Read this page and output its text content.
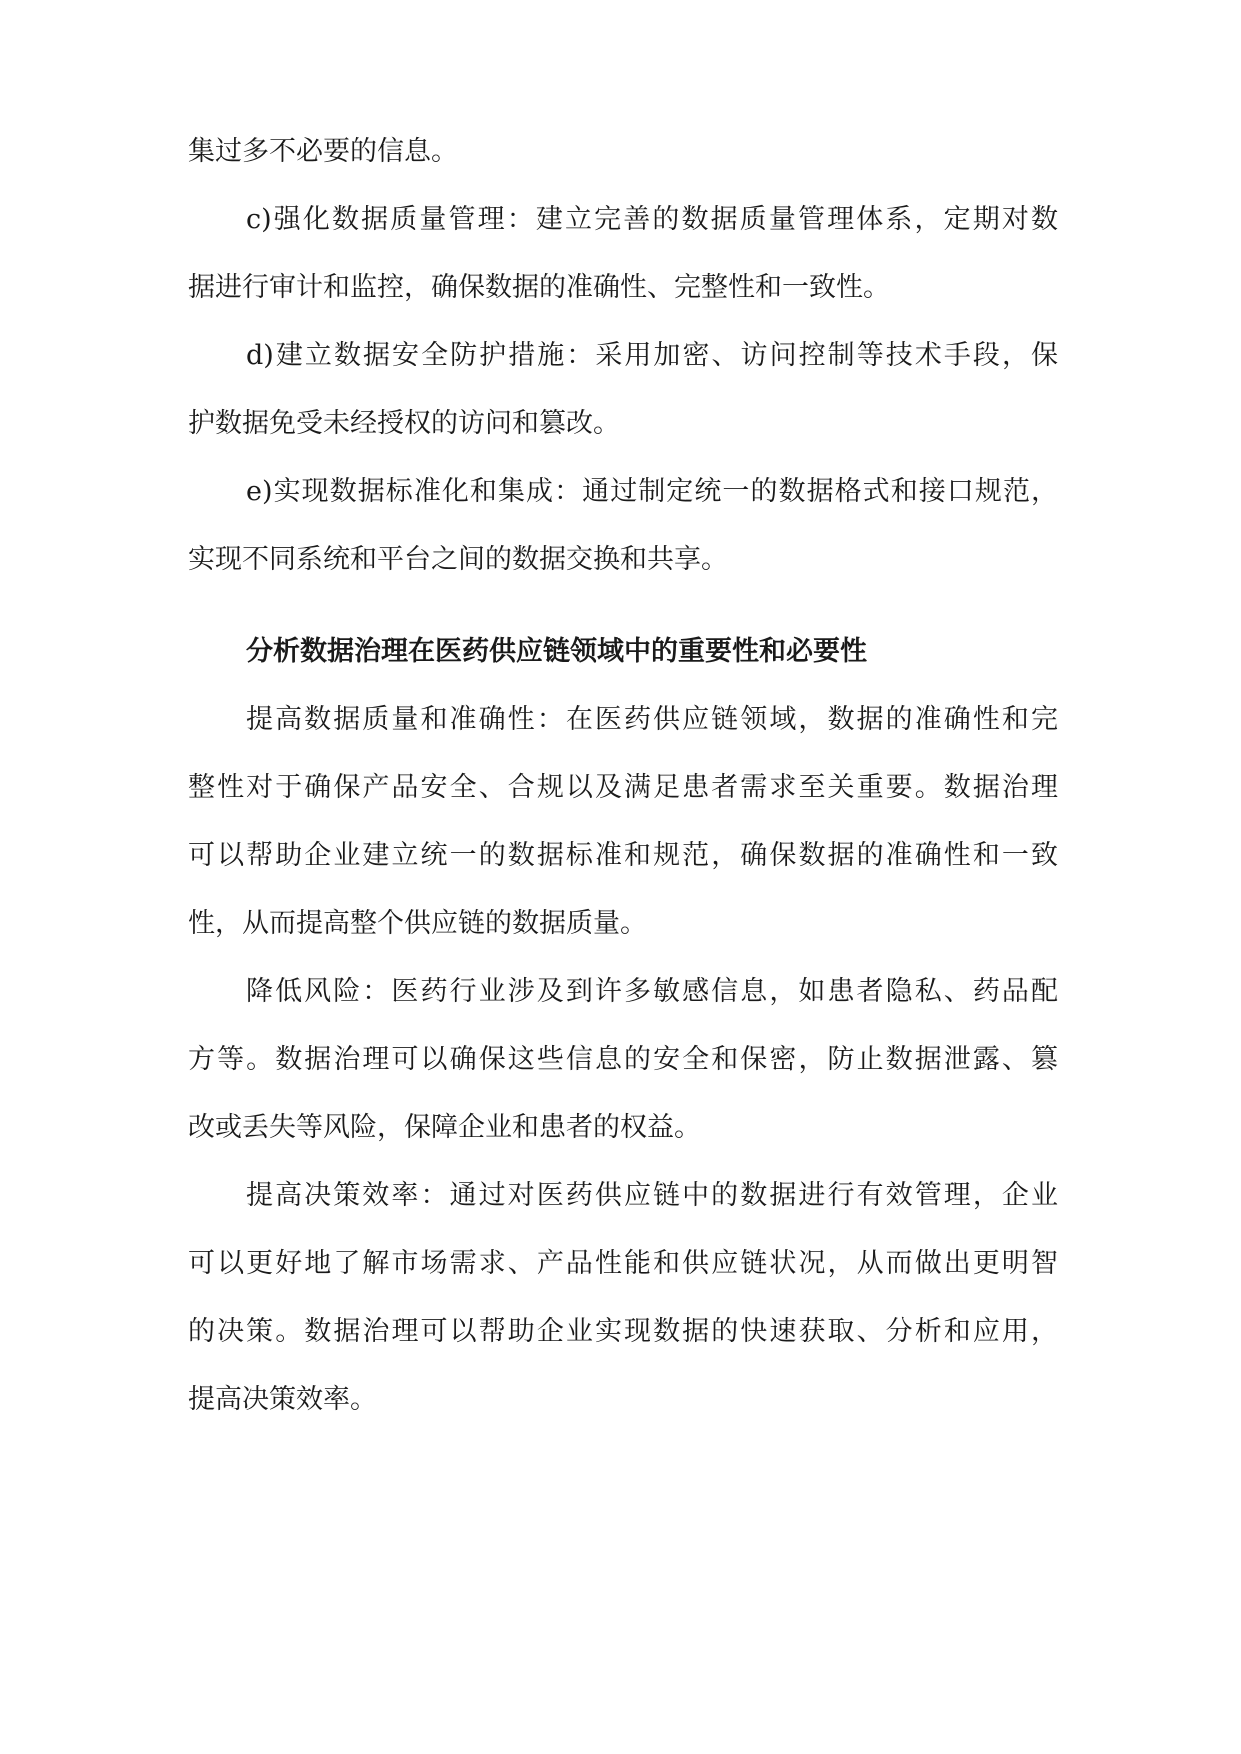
集过多不必要的信息。
c)强化数据质量管理：建立完善的数据质量管理体系，定期对数
据进行审计和监控，确保数据的准确性、完整性和一致性。
d)建立数据安全防护措施：采用加密、访问控制等技术手段，保
护数据免受未经授权的访问和篡改。
e)实现数据标准化和集成：通过制定统一的数据格式和接口规范，
实现不同系统和平台之间的数据交换和共享。
分析数据治理在医药供应链领域中的重要性和必要性
提高数据质量和准确性：在医药供应链领域，数据的准确性和完
整性对于确保产品安全、合规以及满足患者需求至关重要。数据治理
可以帮助企业建立统一的数据标准和规范，确保数据的准确性和一致
性，从而提高整个供应链的数据质量。
降低风险：医药行业涉及到许多敏感信息，如患者隐私、药品配
方等。数据治理可以确保这些信息的安全和保密，防止数据泄露、篡
改或丢失等风险，保障企业和患者的权益。
提高决策效率：通过对医药供应链中的数据进行有效管理，企业
可以更好地了解市场需求、产品性能和供应链状况，从而做出更明智
的决策。数据治理可以帮助企业实现数据的快速获取、分析和应用，
提高决策效率。
